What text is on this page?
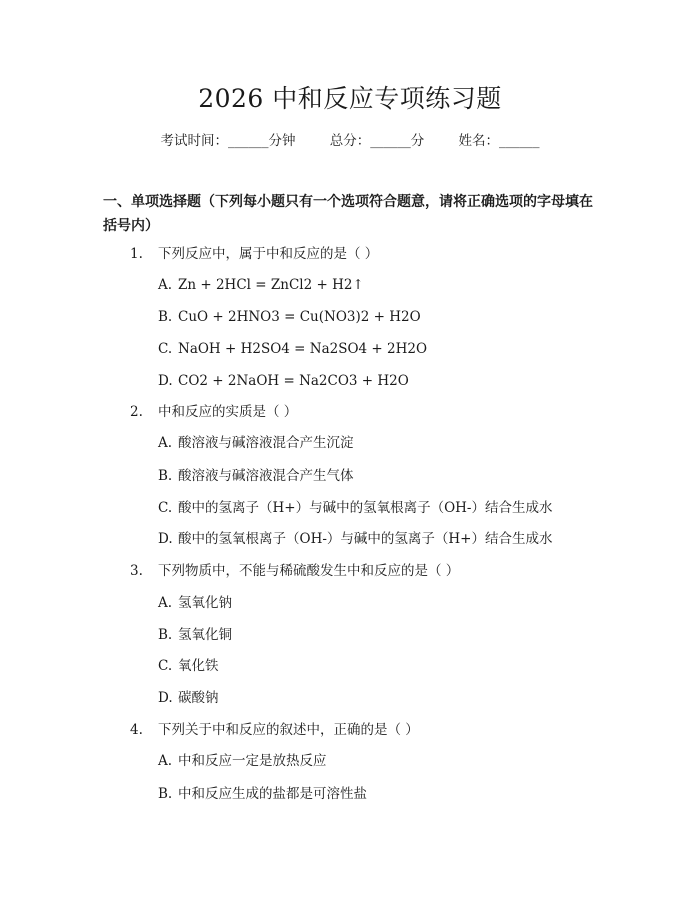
2026 中和反应专项练习题
考试时间：______分钟	总分：______分	姓名：______
一、单项选择题（下列每小题只有一个选项符合题意，请将正确选项的字母填在括号内）
1. 下列反应中，属于中和反应的是（ ）
A. Zn + 2HCl = ZnCl2 + H2↑
B. CuO + 2HNO3 = Cu(NO3)2 + H2O
C. NaOH + H2SO4 = Na2SO4 + 2H2O
D. CO2 + 2NaOH = Na2CO3 + H2O
2. 中和反应的实质是（ ）
A. 酸溶液与碱溶液混合产生沉淀
B. 酸溶液与碱溶液混合产生气体
C. 酸中的氢离子（H+）与碱中的氢氧根离子（OH-）结合生成水
D. 酸中的氢氧根离子（OH-）与碱中的氢离子（H+）结合生成水
3. 下列物质中，不能与稀硫酸发生中和反应的是（ ）
A. 氢氧化钠
B. 氢氧化铜
C. 氧化铁
D. 碳酸钠
4. 下列关于中和反应的叙述中，正确的是（ ）
A. 中和反应一定是放热反应
B. 中和反应生成的盐都是可溶性盐
